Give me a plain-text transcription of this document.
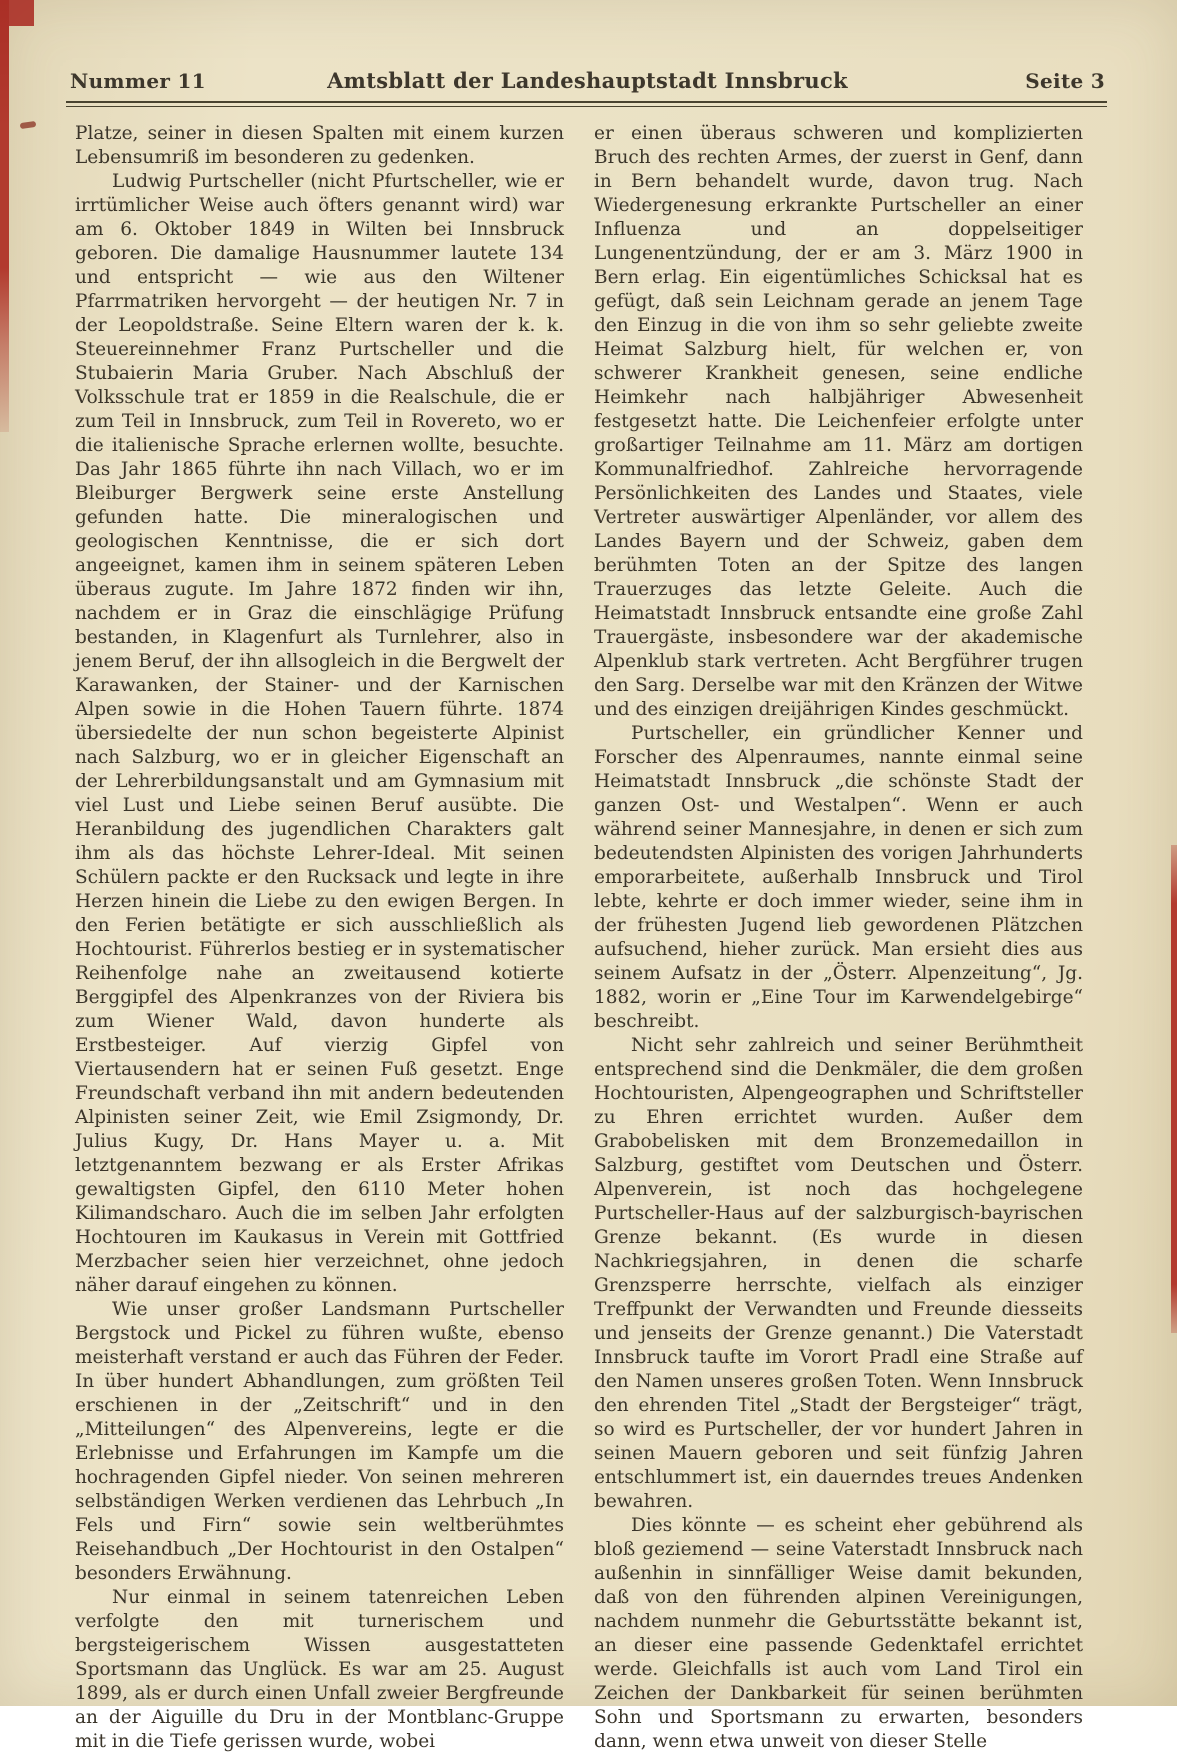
Nummer 11	Amtsblatt der Landeshauptstadt Innsbruck	Seite 3

Platze, seiner in diesen Spalten mit einem kurzen Lebensumriß im besonderen zu gedenken.

Ludwig Purtscheller (nicht Pfurtscheller, wie er irrtümlicher Weise auch öfters genannt wird) war am 6. Oktober 1849 in Wilten bei Innsbruck geboren. Die damalige Hausnummer lautete 134 und entspricht — wie aus den Wiltener Pfarrmatriken hervorgeht — der heutigen Nr. 7 in der Leopoldstraße. Seine Eltern waren der k. k. Steuereinnehmer Franz Purtscheller und die Stubaierin Maria Gruber. Nach Abschluß der Volksschule trat er 1859 in die Realschule, die er zum Teil in Innsbruck, zum Teil in Rovereto, wo er die italienische Sprache erlernen wollte, besuchte. Das Jahr 1865 führte ihn nach Villach, wo er im Bleiburger Bergwerk seine erste Anstellung gefunden hatte. Die mineralogischen und geologischen Kenntnisse, die er sich dort angeeignet, kamen ihm in seinem späteren Leben überaus zugute. Im Jahre 1872 finden wir ihn, nachdem er in Graz die einschlägige Prüfung bestanden, in Klagenfurt als Turnlehrer, also in jenem Beruf, der ihn allsogleich in die Bergwelt der Karawanken, der Stainer- und der Karnischen Alpen sowie in die Hohen Tauern führte. 1874 übersiedelte der nun schon begeisterte Alpinist nach Salzburg, wo er in gleicher Eigenschaft an der Lehrerbildungsanstalt und am Gymnasium mit viel Lust und Liebe seinen Beruf ausübte. Die Heranbildung des jugendlichen Charakters galt ihm als das höchste Lehrer-Ideal. Mit seinen Schülern packte er den Rucksack und legte in ihre Herzen hinein die Liebe zu den ewigen Bergen. In den Ferien betätigte er sich ausschließlich als Hochtourist. Führerlos bestieg er in systematischer Reihenfolge nahe an zweitausend kotierte Berggipfel des Alpenkranzes von der Riviera bis zum Wiener Wald, davon hunderte als Erstbesteiger. Auf vierzig Gipfel von Viertausendern hat er seinen Fuß gesetzt. Enge Freundschaft verband ihn mit andern bedeutenden Alpinisten seiner Zeit, wie Emil Zsigmondy, Dr. Julius Kugy, Dr. Hans Mayer u. a. Mit letztgenanntem bezwang er als Erster Afrikas gewaltigsten Gipfel, den 6110 Meter hohen Kilimandscharo. Auch die im selben Jahr erfolgten Hochtouren im Kaukasus in Verein mit Gottfried Merzbacher seien hier verzeichnet, ohne jedoch näher darauf eingehen zu können.

Wie unser großer Landsmann Purtscheller Bergstock und Pickel zu führen wußte, ebenso meisterhaft verstand er auch das Führen der Feder. In über hundert Abhandlungen, zum größten Teil erschienen in der „Zeitschrift“ und in den „Mitteilungen“ des Alpenvereins, legte er die Erlebnisse und Erfahrungen im Kampfe um die hochragenden Gipfel nieder. Von seinen mehreren selbständigen Werken verdienen das Lehrbuch „In Fels und Firn“ sowie sein weltberühmtes Reisehandbuch „Der Hochtourist in den Ostalpen“ besonders Erwähnung.

Nur einmal in seinem tatenreichen Leben verfolgte den mit turnerischem und bergsteigerischem Wissen ausgestatteten Sportsmann das Unglück. Es war am 25. August 1899, als er durch einen Unfall zweier Bergfreunde an der Aiguille du Dru in der Montblanc-Gruppe mit in die Tiefe gerissen wurde, wobei

er einen überaus schweren und komplizierten Bruch des rechten Armes, der zuerst in Genf, dann in Bern behandelt wurde, davon trug. Nach Wiedergenesung erkrankte Purtscheller an einer Influenza und an doppelseitiger Lungenentzündung, der er am 3. März 1900 in Bern erlag. Ein eigentümliches Schicksal hat es gefügt, daß sein Leichnam gerade an jenem Tage den Einzug in die von ihm so sehr geliebte zweite Heimat Salzburg hielt, für welchen er, von schwerer Krankheit genesen, seine endliche Heimkehr nach halbjähriger Abwesenheit festgesetzt hatte. Die Leichenfeier erfolgte unter großartiger Teilnahme am 11. März am dortigen Kommunalfriedhof. Zahlreiche hervorragende Persönlichkeiten des Landes und Staates, viele Vertreter auswärtiger Alpenländer, vor allem des Landes Bayern und der Schweiz, gaben dem berühmten Toten an der Spitze des langen Trauerzuges das letzte Geleite. Auch die Heimatstadt Innsbruck entsandte eine große Zahl Trauergäste, insbesondere war der akademische Alpenklub stark vertreten. Acht Bergführer trugen den Sarg. Derselbe war mit den Kränzen der Witwe und des einzigen dreijährigen Kindes geschmückt.

Purtscheller, ein gründlicher Kenner und Forscher des Alpenraumes, nannte einmal seine Heimatstadt Innsbruck „die schönste Stadt der ganzen Ost- und Westalpen“. Wenn er auch während seiner Mannesjahre, in denen er sich zum bedeutendsten Alpinisten des vorigen Jahrhunderts emporarbeitete, außerhalb Innsbruck und Tirol lebte, kehrte er doch immer wieder, seine ihm in der frühesten Jugend lieb gewordenen Plätzchen aufsuchend, hieher zurück. Man ersieht dies aus seinem Aufsatz in der „Österr. Alpenzeitung“, Jg. 1882, worin er „Eine Tour im Karwendelgebirge“ beschreibt.

Nicht sehr zahlreich und seiner Berühmtheit entsprechend sind die Denkmäler, die dem großen Hochtouristen, Alpengeographen und Schriftsteller zu Ehren errichtet wurden. Außer dem Grabobelisken mit dem Bronzemedaillon in Salzburg, gestiftet vom Deutschen und Österr. Alpenverein, ist noch das hochgelegene Purtscheller-Haus auf der salzburgisch-bayrischen Grenze bekannt. (Es wurde in diesen Nachkriegsjahren, in denen die scharfe Grenzsperre herrschte, vielfach als einziger Treffpunkt der Verwandten und Freunde diesseits und jenseits der Grenze genannt.) Die Vaterstadt Innsbruck taufte im Vorort Pradl eine Straße auf den Namen unseres großen Toten. Wenn Innsbruck den ehrenden Titel „Stadt der Bergsteiger“ trägt, so wird es Purtscheller, der vor hundert Jahren in seinen Mauern geboren und seit fünfzig Jahren entschlummert ist, ein dauerndes treues Andenken bewahren.

Dies könnte — es scheint eher gebührend als bloß geziemend — seine Vaterstadt Innsbruck nach außenhin in sinnfälliger Weise damit bekunden, daß von den führenden alpinen Vereinigungen, nachdem nunmehr die Geburtsstätte bekannt ist, an dieser eine passende Gedenktafel errichtet werde. Gleichfalls ist auch vom Land Tirol ein Zeichen der Dankbarkeit für seinen berühmten Sohn und Sportsmann zu erwarten, besonders dann, wenn etwa unweit von dieser Stelle
